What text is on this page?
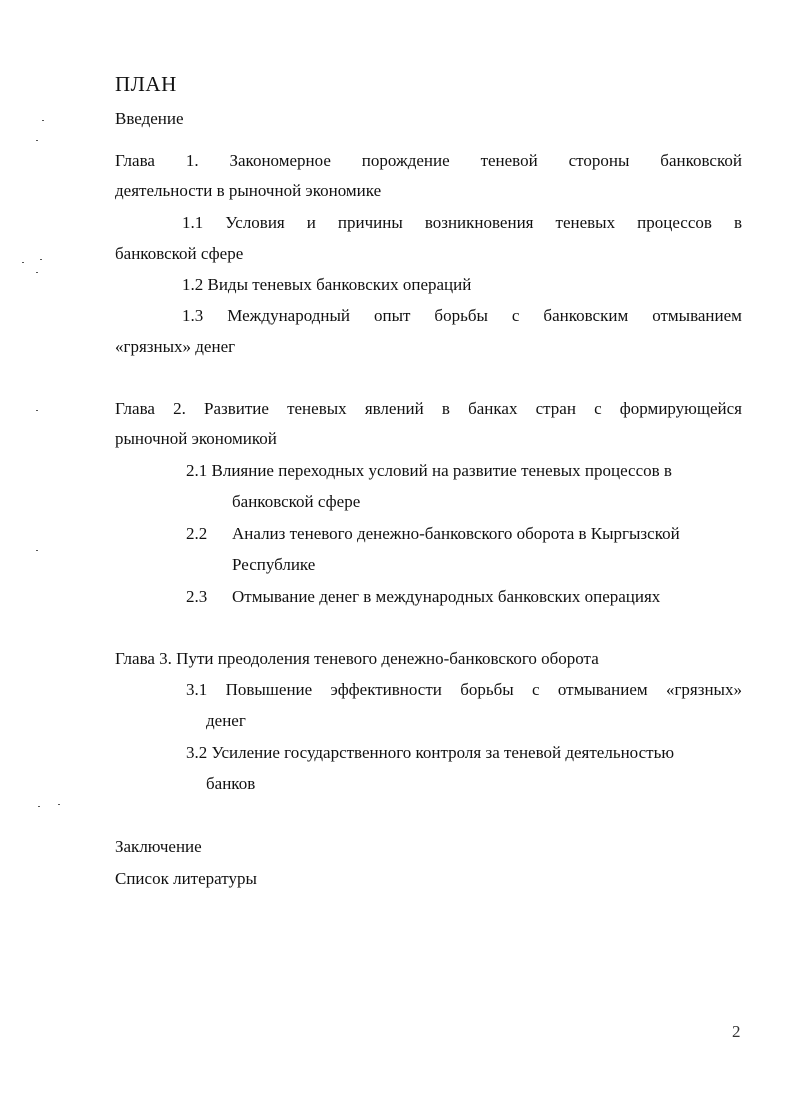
ПЛАН
Введение
Глава 1. Закономерное порождение теневой стороны банковской
деятельности в рыночной экономике
1.1 Условия и причины возникновения теневых процессов в
банковской сфере
1.2 Виды теневых банковских операций
1.3 Международный опыт борьбы с банковским отмыванием
«грязных» денег
Глава 2. Развитие теневых явлений в банках стран с формирующейся
рыночной экономикой
2.1 Влияние переходных условий на развитие теневых процессов в
банковской сфере
2.2 Анализ теневого денежно-банковского оборота в Кыргызской
Республике
2.3 Отмывание денег в международных банковских операциях
Глава 3. Пути преодоления теневого денежно-банковского оборота
3.1 Повышение эффективности борьбы с отмыванием «грязных»
денег
3.2 Усиление государственного контроля за теневой деятельностью
банков
Заключение
Список литературы
2
